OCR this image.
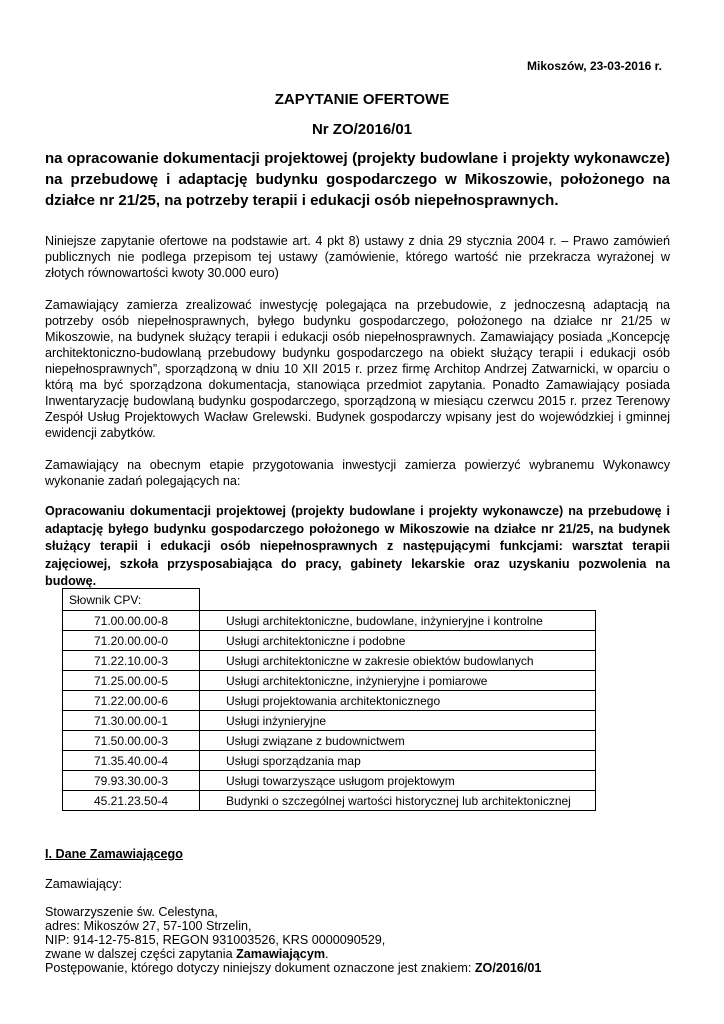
Mikoszów, 23-03-2016 r.
ZAPYTANIE OFERTOWE
Nr ZO/2016/01
na opracowanie dokumentacji projektowej (projekty budowlane i projekty wykonawcze) na przebudowę i adaptację budynku gospodarczego w Mikoszowie, położonego na działce nr 21/25, na potrzeby terapii i edukacji osób niepełnosprawnych.

Niniejsze zapytanie ofertowe na podstawie art. 4 pkt 8) ustawy z dnia 29 stycznia 2004 r. – Prawo zamówień publicznych nie podlega przepisom tej ustawy (zamówienie, którego wartość nie przekracza wyrażonej w złotych równowartości kwoty 30.000 euro)

Zamawiający zamierza zrealizować inwestycję polegająca na przebudowie, z jednoczesną adaptacją na potrzeby osób niepełnosprawnych, byłego budynku gospodarczego, położonego na działce nr 21/25 w Mikoszowie, na budynek służący terapii i edukacji osób niepełnosprawnych. Zamawiający posiada „Koncepcję architektoniczno-budowlaną przebudowy budynku gospodarczego na obiekt służący terapii i edukacji osób niepełnosprawnych”, sporządzoną w dniu 10 XII 2015 r. przez firmę Architop Andrzej Zatwarnicki, w oparciu o którą ma być sporządzona dokumentacja, stanowiąca przedmiot zapytania. Ponadto Zamawiający posiada Inwentaryzację budowlaną budynku gospodarczego, sporządzoną w miesiącu czerwcu 2015 r. przez Terenowy Zespół Usług Projektowych Wacław Grelewski. Budynek gospodarczy wpisany jest do wojewódzkiej i gminnej ewidencji zabytków.

Zamawiający na obecnym etapie przygotowania inwestycji zamierza powierzyć wybranemu Wykonawcy wykonanie zadań polegających na:

Opracowaniu dokumentacji projektowej (projekty budowlane i projekty wykonawcze) na przebudowę i adaptację byłego budynku gospodarczego położonego w Mikoszowie na działce nr 21/25, na budynek służący terapii i edukacji osób niepełnosprawnych z następującymi funkcjami: warsztat terapii zajęciowej, szkoła przysposabiająca do pracy, gabinety lekarskie oraz uzyskaniu pozwolenia na budowę.

Słownik CPV:	
71.00.00.00-8	Usługi architektoniczne, budowlane, inżynieryjne i kontrolne
71.20.00.00-0	Usługi architektoniczne i podobne
71.22.10.00-3	Usługi architektoniczne w zakresie obiektów budowlanych
71.25.00.00-5	Usługi architektoniczne, inżynieryjne i pomiarowe
71.22.00.00-6	Usługi projektowania architektonicznego
71.30.00.00-1	Usługi inżynieryjne
71.50.00.00-3	Usługi związane z budownictwem
71.35.40.00-4	Usługi sporządzania map
79.93.30.00-3	Usługi towarzyszące usługom projektowym
45.21.23.50-4	Budynki o szczególnej wartości historycznej lub architektonicznej
I. Dane Zamawiającego
Zamawiający:
Stowarzyszenie św. Celestyna,
adres: Mikoszów 27, 57-100 Strzelin,
NIP: 914-12-75-815, REGON 931003526, KRS 0000090529,
zwane w dalszej części zapytania Zamawiającym.
Postępowanie, którego dotyczy niniejszy dokument oznaczone jest znakiem: ZO/2016/01
